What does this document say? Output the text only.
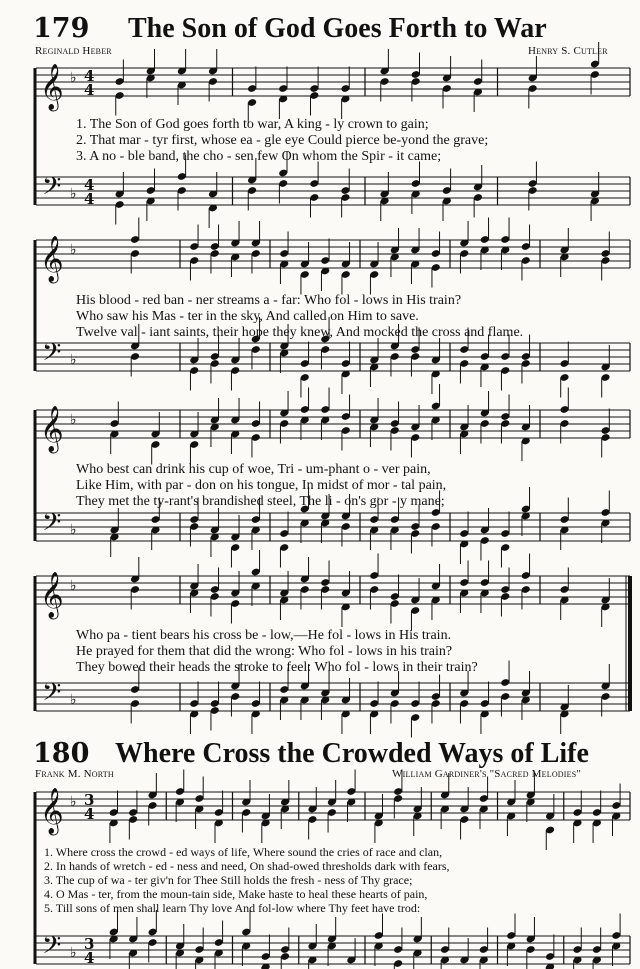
179 The Son of God Goes Forth to War
Reginald Heber	Henry S. Cutler
𝄞
𝄢
♭
♭
4
4
4
4
𝄞
𝄢
♭
♭
𝄞
𝄢
♭
♭
𝄞
𝄢
♭
♭
𝄞
𝄢
♭
♭
3
4
3
4
1. The Son of God goes forth to war, A king - ly crown to gain;
2. That mar - tyr first, whose ea - gle eye Could pierce be-yond the grave;
3. A no - ble band, the cho - sen few On whom the Spir - it came;
His blood - red ban - ner streams a - far: Who fol - lows in His train?
Who saw his Mas - ter in the sky, And called on Him to save.
Twelve val - iant saints, their hope they knew, And mocked the cross and flame.
Who best can drink his cup of woe, Tri - um-phant o - ver pain,
Like Him, with par - don on his tongue, In midst of mor - tal pain,
They met the ty-rant's brandished steel, The li - on's gor - y mane;
Who pa - tient bears his cross be - low,—He fol - lows in His train.
He prayed for them that did the wrong: Who fol - lows in his train?
They bowed their heads the stroke to feel: Who fol - lows in their train?
180 Where Cross the Crowded Ways of Life
Frank M. North	William Gardiner's "Sacred Melodies"
1. Where cross the crowd - ed ways of life, Where sound the cries of race and clan,
2. In hands of wretch - ed - ness and need, On shad-owed thresholds dark with fears,
3. The cup of wa - ter giv'n for Thee Still holds the fresh - ness of Thy grace;
4. O Mas - ter, from the moun-tain side, Make haste to heal these hearts of pain,
5. Till sons of men shall learn Thy love And fol-low where Thy feet have trod:
